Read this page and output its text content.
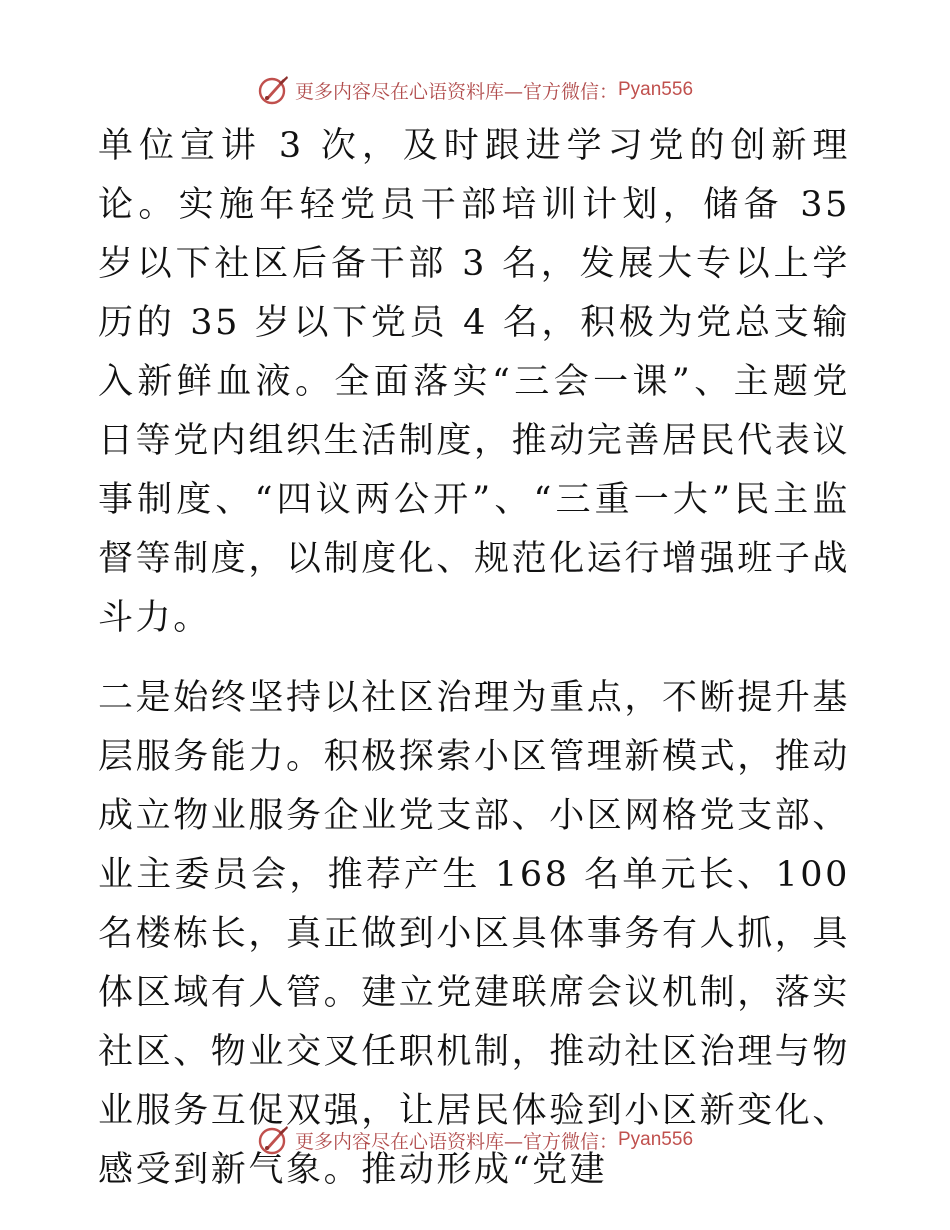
更多内容尽在心语资料库—官方微信： Pyan556

单位宣讲 3 次，及时跟进学习党的创新理论。实施年轻党员干部培训计划，储备 35 岁以下社区后备干部 3 名，发展大专以上学历的 35 岁以下党员 4 名，积极为党总支输入新鲜血液。全面落实“三会一课”、主题党日等党内组织生活制度，推动完善居民代表议事制度、“四议两公开”、“三重一大”民主监督等制度，以制度化、规范化运行增强班子战斗力。

二是始终坚持以社区治理为重点，不断提升基层服务能力。积极探索小区管理新模式，推动成立物业服务企业党支部、小区网格党支部、业主委员会，推荐产生 168 名单元长、100 名楼栋长，真正做到小区具体事务有人抓，具体区域有人管。建立党建联席会议机制，落实社区、物业交叉任职机制，推动社区治理与物业服务互促双强，让居民体验到小区新变化、感受到新气象。推动形成“党建

更多内容尽在心语资料库—官方微信： Pyan556
